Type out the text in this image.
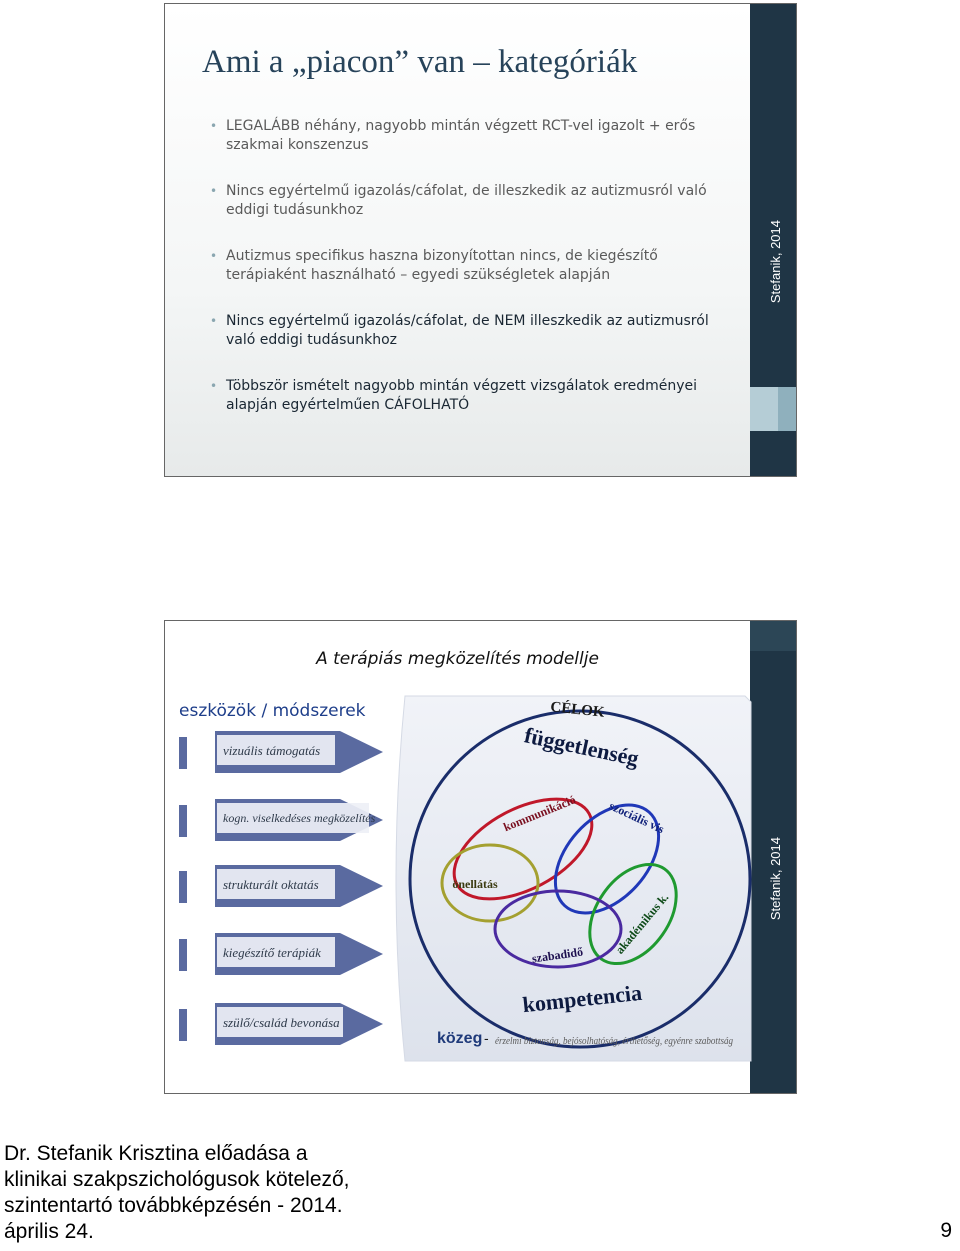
Stefanik, 2014
Ami a „piacon” van – kategóriák
• LEGALÁBB néhány, nagyobb mintán végzett RCT-vel igazolt + erős szakmai konszenzus
• Nincs egyértelmű igazolás/cáfolat, de illeszkedik az autizmusról való eddigi tudásunkhoz
• Autizmus specifikus haszna bizonyítottan nincs, de kiegészítő terápiaként használható – egyedi szükségletek alapján
• Nincs egyértelmű igazolás/cáfolat, de NEM illeszkedik az autizmusról való eddigi tudásunkhoz
• Többször ismételt nagyobb mintán végzett vizsgálatok eredményei alapján egyértelműen CÁFOLHATÓ
Stefanik, 2014
A terápiás megközelítés modellje
CÉLOK
függetlenség
kommunikáció szociális vis
önellátás
akadémikus k.
szabadidő
kompetencia
közeg - érzelmi biztonság, bejósolhatóság, érthetőség, egyénre szabottság
eszközök / módszerek
vizuális támogatás
kogn. viselkedéses megközelítés
strukturált oktatás
kiegészítő terápiák
szülő/család bevonása
Dr. Stefanik Krisztina előadása a
klinikai szakpszichológusok kötelező,
szintentartó továbbképzésén - 2014.
április 24.	9
